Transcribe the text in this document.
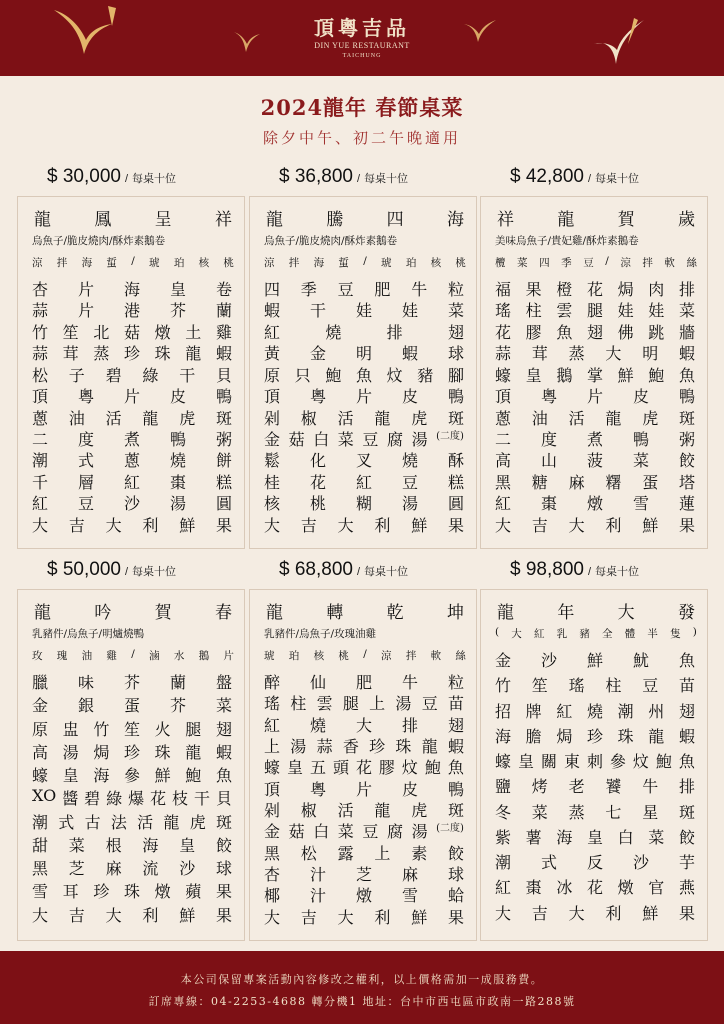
頂粵吉品
DIN YUE RESTAURANT
TAICHUNG
2024龍年 春節桌菜
除夕中午、初二午晚適用
$ 30,000 / 每桌十位
龍	鳳	呈	祥
烏魚子/脆皮燒肉/酥炸素鵝卷
涼 拌 海 蜇 / 琥 珀 核 桃
杏 片 海 皇 卷
蒜 片 港 芥 蘭
竹 笙 北 菇 燉 土 雞
蒜 茸 蒸 珍 珠 龍 蝦
松 子 碧 綠 干 貝
頂 粵 片 皮 鴨
蔥 油 活 龍 虎 斑
二 度 煮 鴨 粥
潮 式 蔥 燒 餅
千 層 紅 棗 糕
紅 豆 沙 湯 圓
大 吉 大 利 鮮 果
$ 36,800 / 每桌十位
龍	騰	四	海
烏魚子/脆皮燒肉/酥炸素鵝卷
涼 拌 海 蜇 / 琥 珀 核 桃
四 季 豆 肥 牛 粒
蝦 干 娃 娃 菜
紅	燒	排	翅
黃 金 明 蝦 球
原 只 鮑 魚 炆 豬 腳
頂 粵 片 皮 鴨
剁 椒 活 龍 虎 斑
金 菇 白 菜 豆 腐 湯 (二度)
鬆 化 叉 燒 酥
桂 花 紅 豆 糕
核 桃 糊 湯 圓
大 吉 大 利 鮮 果
$ 42,800 / 每桌十位
祥	龍	賀	歲
美味烏魚子/貴妃雞/酥炸素鵝卷
欖 菜 四 季 豆 / 涼 拌 軟 絲
福 果 橙 花 焗 肉 排
瑤 柱 雲 腿 娃 娃 菜
花 膠 魚 翅 佛 跳 牆
蒜 茸 蒸 大 明 蝦
蠔 皇 鵝 掌 鮮 鮑 魚
頂 粵 片 皮 鴨
蔥 油 活 龍 虎 斑
二 度 煮 鴨 粥
高 山 菠 菜 餃
黑 糖 麻 糬 蛋 塔
紅 棗 燉 雪 蓮
大 吉 大 利 鮮 果
$ 50,000 / 每桌十位
龍	吟	賀	春
乳豬件/烏魚子/明爐燒鴨
玫 瑰 油 雞 / 滷 水 鵝 片
臘 味 芥 蘭 盤
金 銀 蛋 芥 菜
原 盅 竹 笙 火 腿 翅
高 湯 焗 珍 珠 龍 蝦
蠔 皇 海 參 鮮 鮑 魚
XO 醬 碧 綠 爆 花 枝 干 貝
潮 式 古 法 活 龍 虎 斑
甜 菜 根 海 皇 餃
黑 芝 麻 流 沙 球
雪 耳 珍 珠 燉 蘋 果
大 吉 大 利 鮮 果
$ 68,800 / 每桌十位
龍	轉	乾	坤
乳豬件/烏魚子/玫瑰油雞
琥 珀 核 桃 / 涼 拌 軟 絲
醉 仙 肥 牛 粒
瑤 柱 雲 腿 上 湯 豆 苗
紅 燒 大 排 翅
上 湯 蒜 香 珍 珠 龍 蝦
蠔 皇 五 頭 花 膠 炆 鮑 魚
頂 粵 片 皮 鴨
剁 椒 活 龍 虎 斑
金 菇 白 菜 豆 腐 湯 (二度)
黑 松 露 上 素 餃
杏 汁 芝 麻 球
椰 汁 燉 雪 蛤
大 吉 大 利 鮮 果
$ 98,800 / 每桌十位
龍	年	大	發
( 大 紅 乳 豬 全 體 半 隻 )
金 沙 鮮 魷 魚
竹 笙 瑤 柱 豆 苗
招 牌 紅 燒 潮 州 翅
海 膽 焗 珍 珠 龍 蝦
蠔 皇 關 東 刺 參 炆 鮑 魚
鹽 烤 老 饕 牛 排
冬 菜 蒸 七 星 斑
紫 薯 海 皇 白 菜 餃
潮 式 反 沙 芋
紅 棗 冰 花 燉 官 燕
大 吉 大 利 鮮 果
本公司保留專案活動內容修改之權利，以上價格需加一成服務費。
訂席專線：04-2253-4688 轉分機1 地址：台中市西屯區市政南一路288號
